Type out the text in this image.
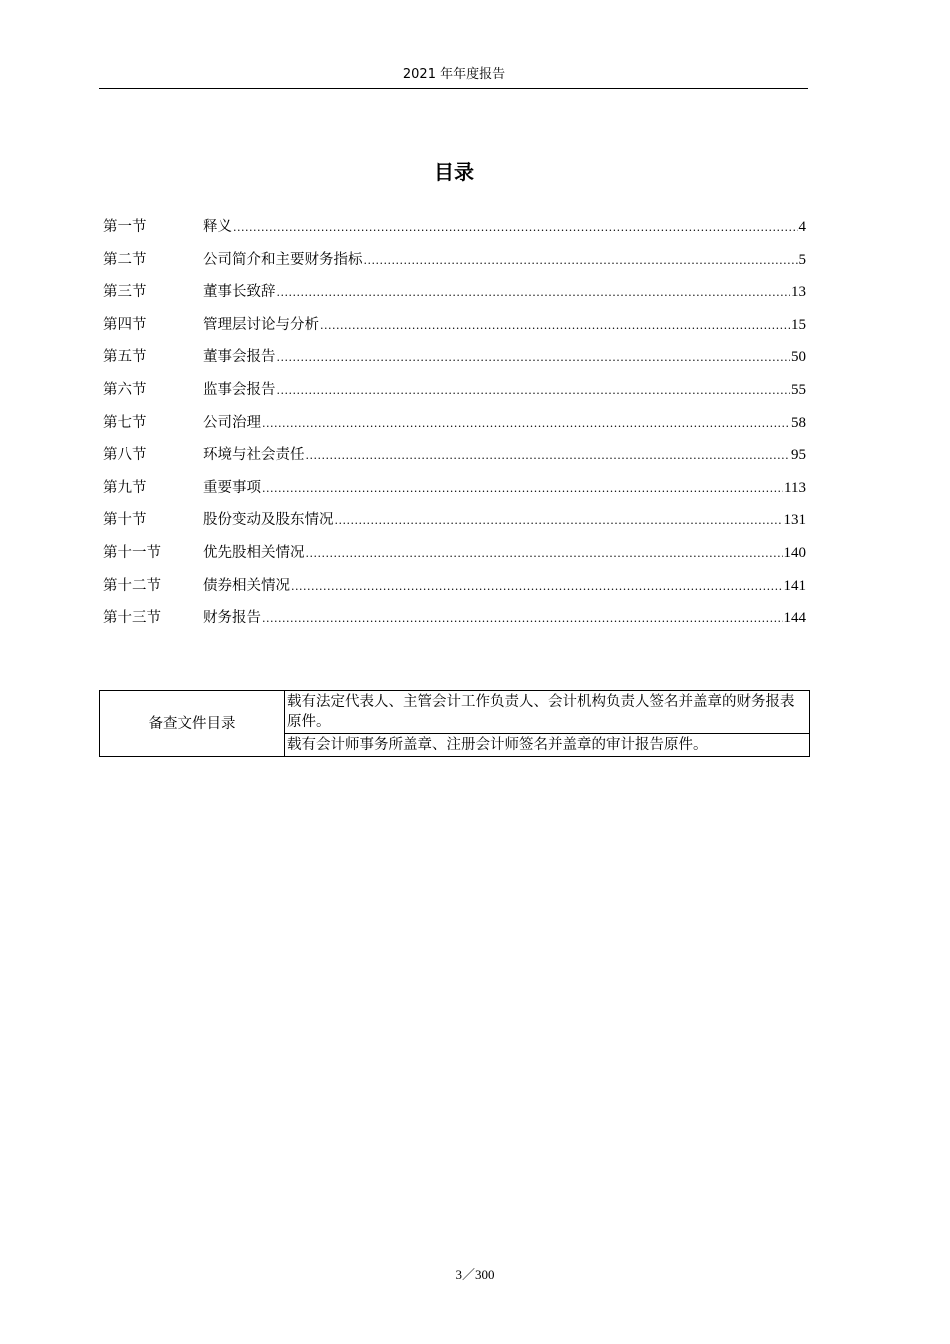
2021 年年度报告
目录
第一节	释义 .....	4
第二节	公司简介和主要财务指标 .....	5
第三节	董事长致辞 .....	13
第四节	管理层讨论与分析 .....	15
第五节	董事会报告 .....	50
第六节	监事会报告 .....	55
第七节	公司治理 .....	58
第八节	环境与社会责任 .....	95
第九节	重要事项 .....	113
第十节	股份变动及股东情况 .....	131
第十一节	优先股相关情况 .....	140
第十二节	债券相关情况 .....	141
第十三节	财务报告 .....	144
备查文件目录	载有法定代表人、主管会计工作负责人、会计机构负责人签名并盖章的财务报表原件。
载有会计师事务所盖章、注册会计师签名并盖章的审计报告原件。
3／300
